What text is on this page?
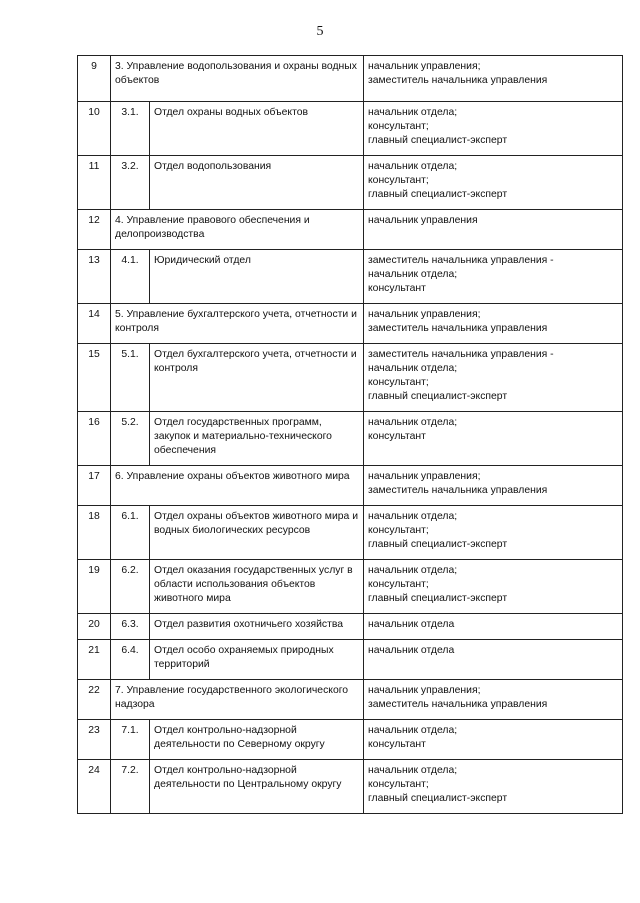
5
9	3. Управление водопользования и охраны водных объектов		начальник управления;
заместитель начальника управления
10	3.1.	Отдел охраны водных объектов	начальник отдела;
консультант;
главный специалист-эксперт
11	3.2.	Отдел водопользования	начальник отдела;
консультант;
главный специалист-эксперт
12	4. Управление правового обеспечения и делопроизводства		начальник управления
13	4.1.	Юридический отдел	заместитель начальника управления -
начальник отдела;
консультант
14	5. Управление бухгалтерского учета, отчетности и контроля		начальник управления;
заместитель начальника управления
15	5.1.	Отдел бухгалтерского учета, отчетности и контроля	заместитель начальника управления -
начальник отдела;
консультант;
главный специалист-эксперт
16	5.2.	Отдел государственных программ, закупок и материально-технического обеспечения	начальник отдела;
консультант
17	6. Управление охраны объектов животного мира		начальник управления;
заместитель начальника управления
18	6.1.	Отдел охраны объектов животного мира и водных биологических ресурсов	начальник отдела;
консультант;
главный специалист-эксперт
19	6.2.	Отдел оказания государственных услуг в области использования объектов животного мира	начальник отдела;
консультант;
главный специалист-эксперт
20	6.3.	Отдел развития охотничьего хозяйства	начальник отдела
21	6.4.	Отдел особо охраняемых природных территорий	начальник отдела
22	7. Управление государственного экологического надзора		начальник управления;
заместитель начальника управления
23	7.1.	Отдел контрольно-надзорной деятельности по Северному округу	начальник отдела;
консультант
24	7.2.	Отдел контрольно-надзорной деятельности по Центральному округу	начальник отдела;
консультант;
главный специалист-эксперт
